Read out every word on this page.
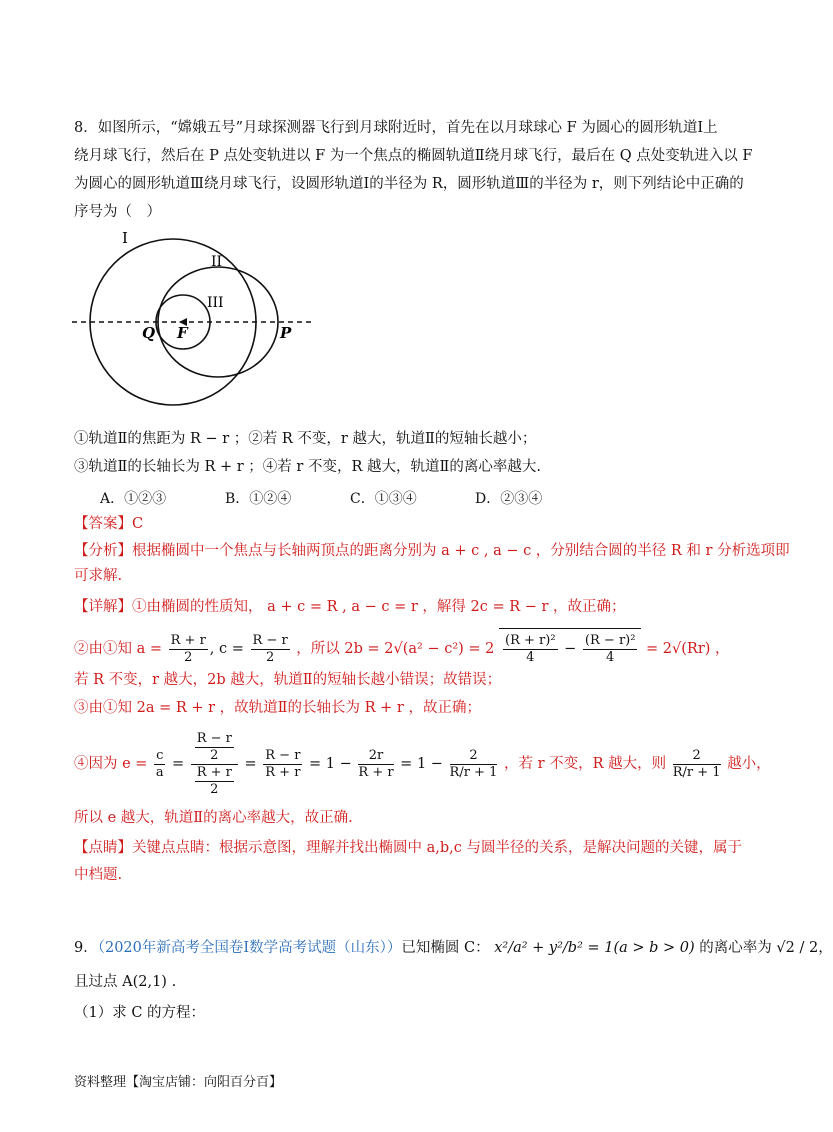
8．如图所示，“嫦娥五号”月球探测器飞行到月球附近时，首先在以月球球心 F 为圆心的圆形轨道Ⅰ上
绕月球飞行，然后在 P 点处变轨进以 F 为一个焦点的椭圆轨道Ⅱ绕月球飞行，最后在 Q 点处变轨进入以 F
为圆心的圆形轨道Ⅲ绕月球飞行，设圆形轨道Ⅰ的半径为 R，圆形轨道Ⅲ的半径为 r，则下列结论中正确的
序号为（　）
I
II
III
Q F	P
①轨道Ⅱ的焦距为 R − r ；②若 R 不变，r 越大，轨道Ⅱ的短轴长越小；
③轨道Ⅱ的长轴长为 R + r ；④若 r 不变，R 越大，轨道Ⅱ的离心率越大.
A．①②③	B．①②④	C．①③④	D．②③④
【答案】C
【分析】根据椭圆中一个焦点与长轴两顶点的距离分别为 a + c , a − c ，分别结合圆的半径 R 和 r 分析选项即
可求解.
【详解】①由椭圆的性质知， a + c = R , a − c = r ，解得 2c = R − r ，故正确；
②由①知 $a = \frac{R + r}{2}$ , $c = \frac{R - r}{2}$ ，所以 $2b = 2√(a^2 - c^2) = 2 \frac{\text{(R + r)²}}{4} - \frac{\text{(R − r)²}}{4} = 2√(Rr)$ ，
若 R 不变，r 越大，2b 越大，轨道Ⅱ的短轴长越小错误；故错误；
③由①知 2a = R + r ，故轨道Ⅱ的长轴长为 R + r ，故正确；
④因为 $e = \frac{c}{a} = \frac{\frac{R - r}{2}}{\frac{R + r}{2}} = \frac{R - r}{R + r} = 1 - \frac{2r}{R + r} = 1 - \frac{2}{R/r + 1}$ ，若 r 不变，R 越大，则 $\frac{2}{R/r + 1}$ 越小，
所以 e 越大，轨道Ⅱ的离心率越大，故正确.
【点睛】关键点点睛：根据示意图，理解并找出椭圆中 a,b,c 与圆半径的关系，是解决问题的关键，属于
中档题.
9．（2020年新高考全国卷Ⅰ数学高考试题（山东））已知椭圆 C： x²/a² + y²/b² = 1(a > b > 0) 的离心率为 √2 / 2，
且过点 A(2,1) .
（1）求 C 的方程：
资料整理【淘宝店铺：向阳百分百】
